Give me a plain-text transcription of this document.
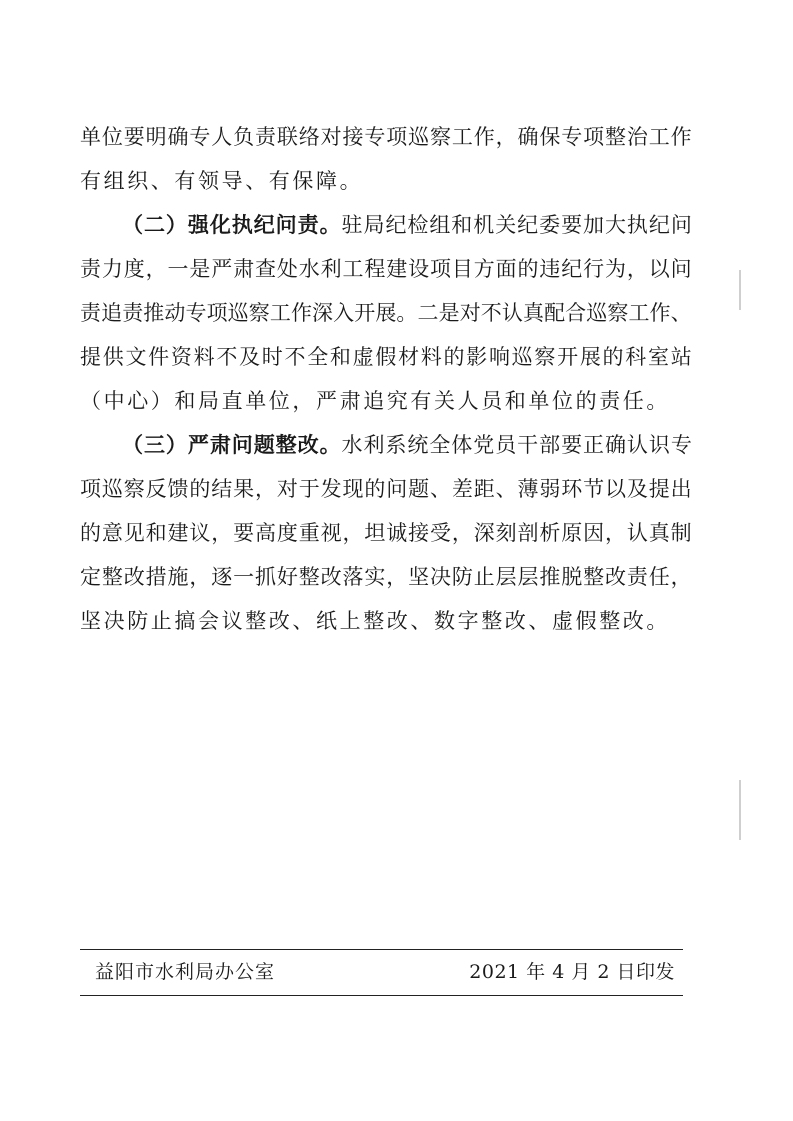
单 位 要 明 确 专 人 负 责 联 络 对 接 专 项 巡 察 工 作 ， 确 保 专 项 整 治 工 作
有组织、有领导、有保障。
（ 二 ） 强 化 执 纪 问 责 。 驻 局 纪 检 组 和 机 关 纪 委 要 加 大 执 纪 问
责 力 度 ， 一 是 严 肃 查 处 水 利 工 程 建 设 项 目 方 面 的 违 纪 行 为 ， 以 问
责 追 责 推 动 专 项 巡 察 工 作 深 入 开 展 。 二 是 对 不 认 真 配 合 巡 察 工 作 、
提 供 文 件 资 料 不 及 时 不 全 和 虚 假 材 料 的 影 响 巡 察 开 展 的 科 室 站
（中心）和局直单位，严肃追究有关人员和单位的责任。
（ 三 ） 严 肃 问 题 整 改 。 水 利 系 统 全 体 党 员 干 部 要 正 确 认 识 专
项 巡 察 反 馈 的 结 果 ， 对 于 发 现 的 问 题 、 差 距 、 薄 弱 环 节 以 及 提 出
的 意 见 和 建 议 ， 要 高 度 重 视 ， 坦 诚 接 受 ， 深 刻 剖 析 原 因 ， 认 真 制
定 整 改 措 施 ， 逐 一 抓 好 整 改 落 实 ， 坚 决 防 止 层 层 推 脱 整 改 责 任 ，
坚决防止搞会议整改、纸上整改、数字整改、虚假整改。
益阳市水利局办公室	2021 年 4 月 2 日印发
